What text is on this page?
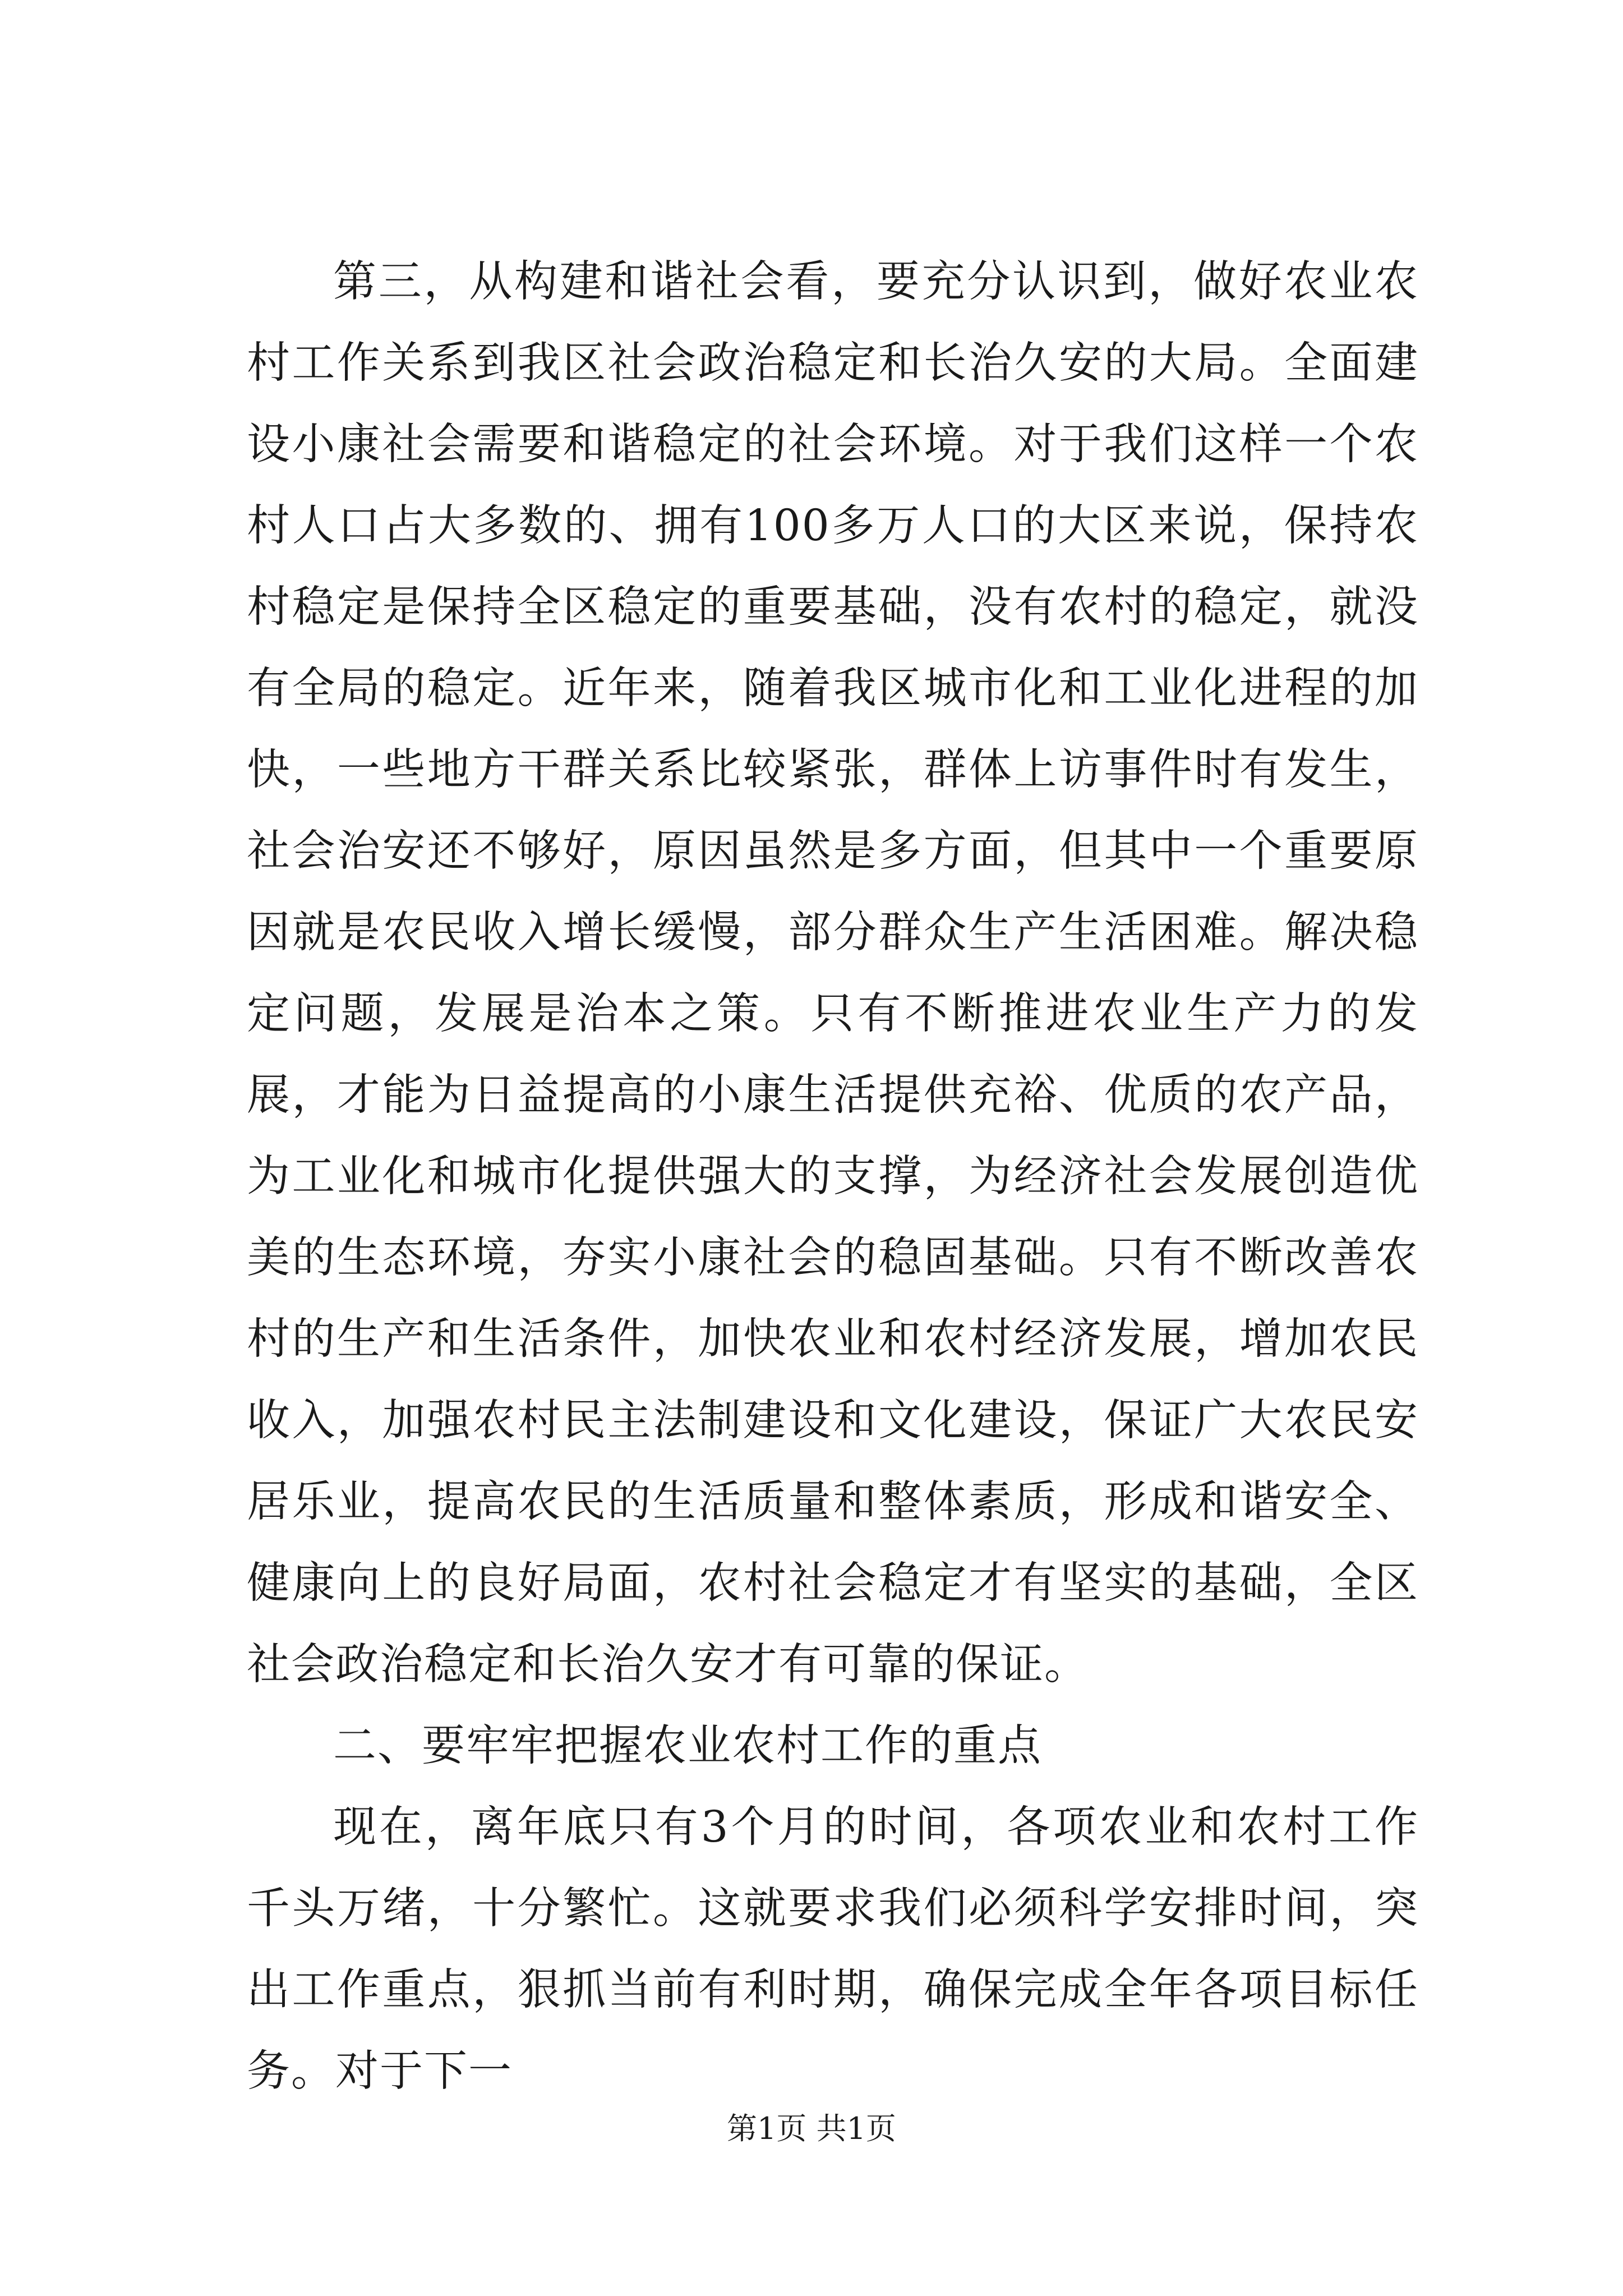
第三，从构建和谐社会看，要充分认识到，做好农业农村工作关系到我区社会政治稳定和长治久安的大局。全面建设小康社会需要和谐稳定的社会环境。对于我们这样一个农村人口占大多数的、拥有100多万人口的大区来说，保持农村稳定是保持全区稳定的重要基础，没有农村的稳定，就没有全局的稳定。近年来，随着我区城市化和工业化进程的加快，一些地方干群关系比较紧张，群体上访事件时有发生，社会治安还不够好，原因虽然是多方面，但其中一个重要原因就是农民收入增长缓慢，部分群众生产生活困难。解决稳定问题，发展是治本之策。只有不断推进农业生产力的发展，才能为日益提高的小康生活提供充裕、优质的农产品，为工业化和城市化提供强大的支撑，为经济社会发展创造优美的生态环境，夯实小康社会的稳固基础。只有不断改善农村的生产和生活条件，加快农业和农村经济发展，增加农民收入，加强农村民主法制建设和文化建设，保证广大农民安居乐业，提高农民的生活质量和整体素质，形成和谐安全、健康向上的良好局面，农村社会稳定才有坚实的基础，全区社会政治稳定和长治久安才有可靠的保证。

二、要牢牢把握农业农村工作的重点

现在，离年底只有3个月的时间，各项农业和农村工作千头万绪，十分繁忙。这就要求我们必须科学安排时间，突出工作重点，狠抓当前有利时期，确保完成全年各项目标任务。对于下一

第1页 共1页
